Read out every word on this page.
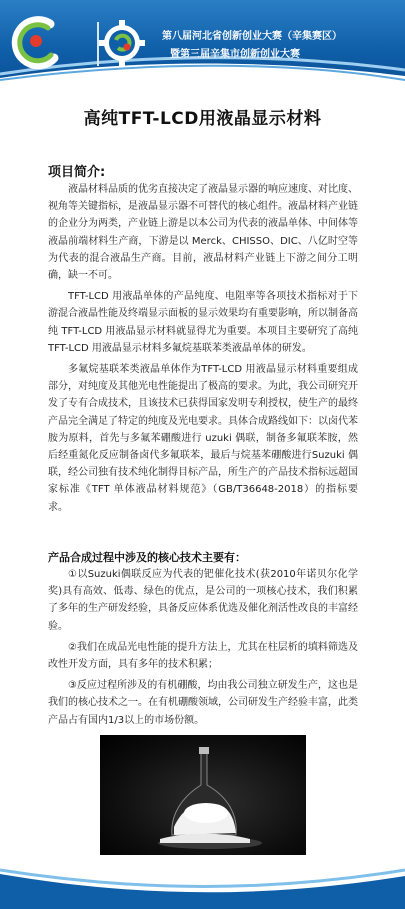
第八届河北省创新创业大赛（辛集赛区）
暨第三届辛集市创新创业大赛
高纯TFT-LCD用液晶显示材料
项目简介:

液晶材料品质的优劣直接决定了液晶显示器的响应速度、对比度、视角等关键指标，是液晶显示器不可替代的核心组件。液晶材料产业链的企业分为两类，产业链上游是以本公司为代表的液晶单体、中间体等液晶前端材料生产商，下游是以 Merck、CHISSO、DIC、八亿时空等为代表的混合液晶生产商。目前，液晶材料产业链上下游之间分工明确，缺一不可。

TFT-LCD 用液晶单体的产品纯度、电阻率等各项技术指标对于下游混合液晶性能及终端显示面板的显示效果均有重要影响，所以制备高纯 TFT-LCD 用液晶显示材料就显得尤为重要。本项目主要研究了高纯 TFT-LCD 用液晶显示材料多氟烷基联苯类液晶单体的研发。

多氟烷基联苯类液晶单体作为TFT-LCD 用液晶显示材料重要组成部分，对纯度及其他光电性能提出了极高的要求。为此，我公司研究开发了专有合成技术，且该技术已获得国家发明专利授权，使生产的最终产品完全满足了特定的纯度及光电要求。具体合成路线如下：以卤代苯胺为原料，首先与多氟苯硼酸进行 uzuki 偶联，制备多氟联苯胺，然后经重氮化反应制备卤代多氟联苯，最后与烷基苯硼酸进行Suzuki 偶联，经公司独有技术纯化制得目标产品，所生产的产品技术指标远超国家标准《TFT 单体液晶材料规范》（GB/T36648-2018）的指标要求。

产品合成过程中涉及的核心技术主要有：

①以Suzuki偶联反应为代表的钯催化技术(获2010年诺贝尔化学奖)具有高效、低毒、绿色的优点，是公司的一项核心技术，我们积累了多年的生产研发经验，具备反应体系优选及催化剂活性改良的丰富经验。

②我们在成品光电性能的提升方法上，尤其在柱层析的填料筛选及改性开发方面，具有多年的技术积累；

③反应过程所涉及的有机硼酸，均由我公司独立研发生产，这也是我们的核心技术之一。在有机硼酸领域，公司研发生产经验丰富，此类产品占有国内1/3以上的市场份额。
